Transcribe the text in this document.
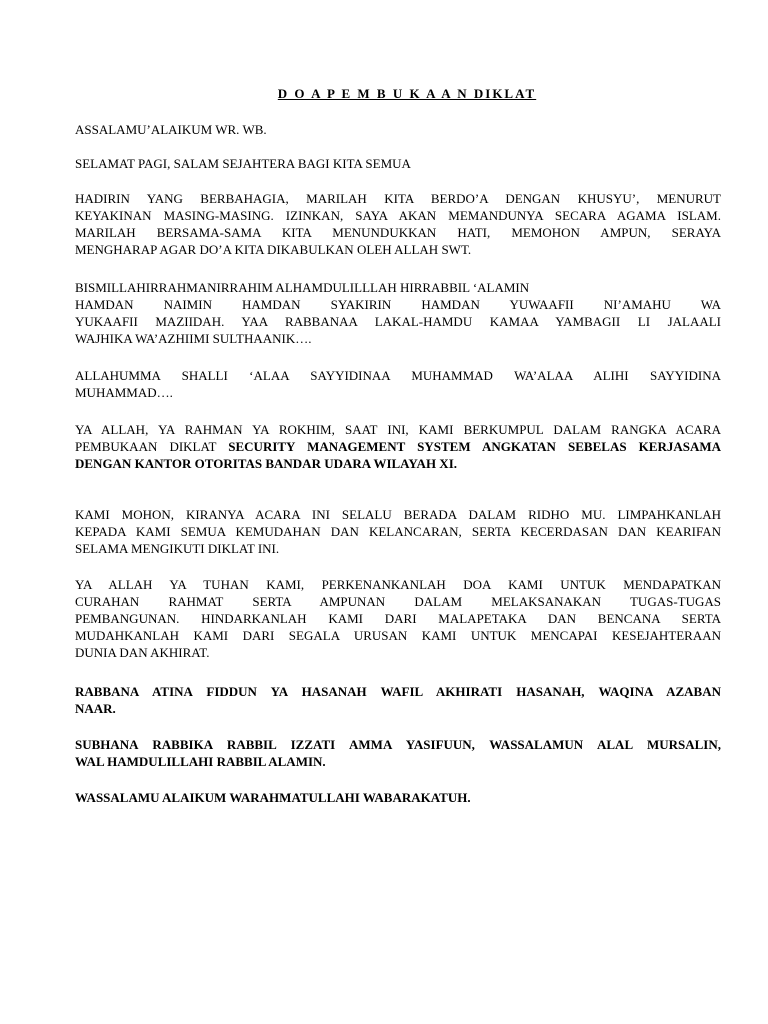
D O A P E M B U K A A N DIKLAT

ASSALAMU’ALAIKUM WR. WB.

SELAMAT PAGI, SALAM SEJAHTERA BAGI KITA SEMUA

HADIRIN YANG BERBAHAGIA, MARILAH KITA BERDO’A DENGAN KHUSYU’, MENURUT
KEYAKINAN MASING-MASING. IZINKAN, SAYA AKAN MEMANDUNYA SECARA AGAMA ISLAM.
MARILAH BERSAMA-SAMA KITA MENUNDUKKAN HATI, MEMOHON AMPUN, SERAYA
MENGHARAP AGAR DO’A KITA DIKABULKAN OLEH ALLAH SWT.

BISMILLAHIRRAHMANIRRAHIM ALHAMDULILLLAH HIRRABBIL ‘ALAMIN
HAMDAN NAIMIN HAMDAN SYAKIRIN HAMDAN YUWAAFII NI’AMAHU WA
YUKAAFII MAZIIDAH. YAA RABBANAA LAKAL-HAMDU KAMAA YAMBAGII LI JALAALI
WAJHIKA WA’AZHIIMI SULTHAANIK….

ALLAHUMMA SHALLI ‘ALAA SAYYIDINAA MUHAMMAD WA’ALAA ALIHI SAYYIDINA
MUHAMMAD….

YA ALLAH, YA RAHMAN YA ROKHIM, SAAT INI, KAMI BERKUMPUL DALAM RANGKA ACARA
PEMBUKAAN DIKLAT SECURITY MANAGEMENT SYSTEM ANGKATAN SEBELAS KERJASAMA
DENGAN KANTOR OTORITAS BANDAR UDARA WILAYAH XI.

KAMI MOHON, KIRANYA ACARA INI SELALU BERADA DALAM RIDHO MU. LIMPAHKANLAH
KEPADA KAMI SEMUA KEMUDAHAN DAN KELANCARAN, SERTA KECERDASAN DAN KEARIFAN
SELAMA MENGIKUTI DIKLAT INI.

YA ALLAH YA TUHAN KAMI, PERKENANKANLAH DOA KAMI UNTUK MENDAPATKAN
CURAHAN RAHMAT SERTA AMPUNAN DALAM MELAKSANAKAN TUGAS-TUGAS
PEMBANGUNAN. HINDARKANLAH KAMI DARI MALAPETAKA DAN BENCANA SERTA
MUDAHKANLAH KAMI DARI SEGALA URUSAN KAMI UNTUK MENCAPAI KESEJAHTERAAN
DUNIA DAN AKHIRAT.

RABBANA ATINA FIDDUN YA HASANAH WAFIL AKHIRATI HASANAH, WAQINA AZABAN
NAAR.

SUBHANA RABBIKA RABBIL IZZATI AMMA YASIFUUN, WASSALAMUN ALAL MURSALIN,
WAL HAMDULILLAHI RABBIL ALAMIN.

WASSALAMU ALAIKUM WARAHMATULLAHI WABARAKATUH.
